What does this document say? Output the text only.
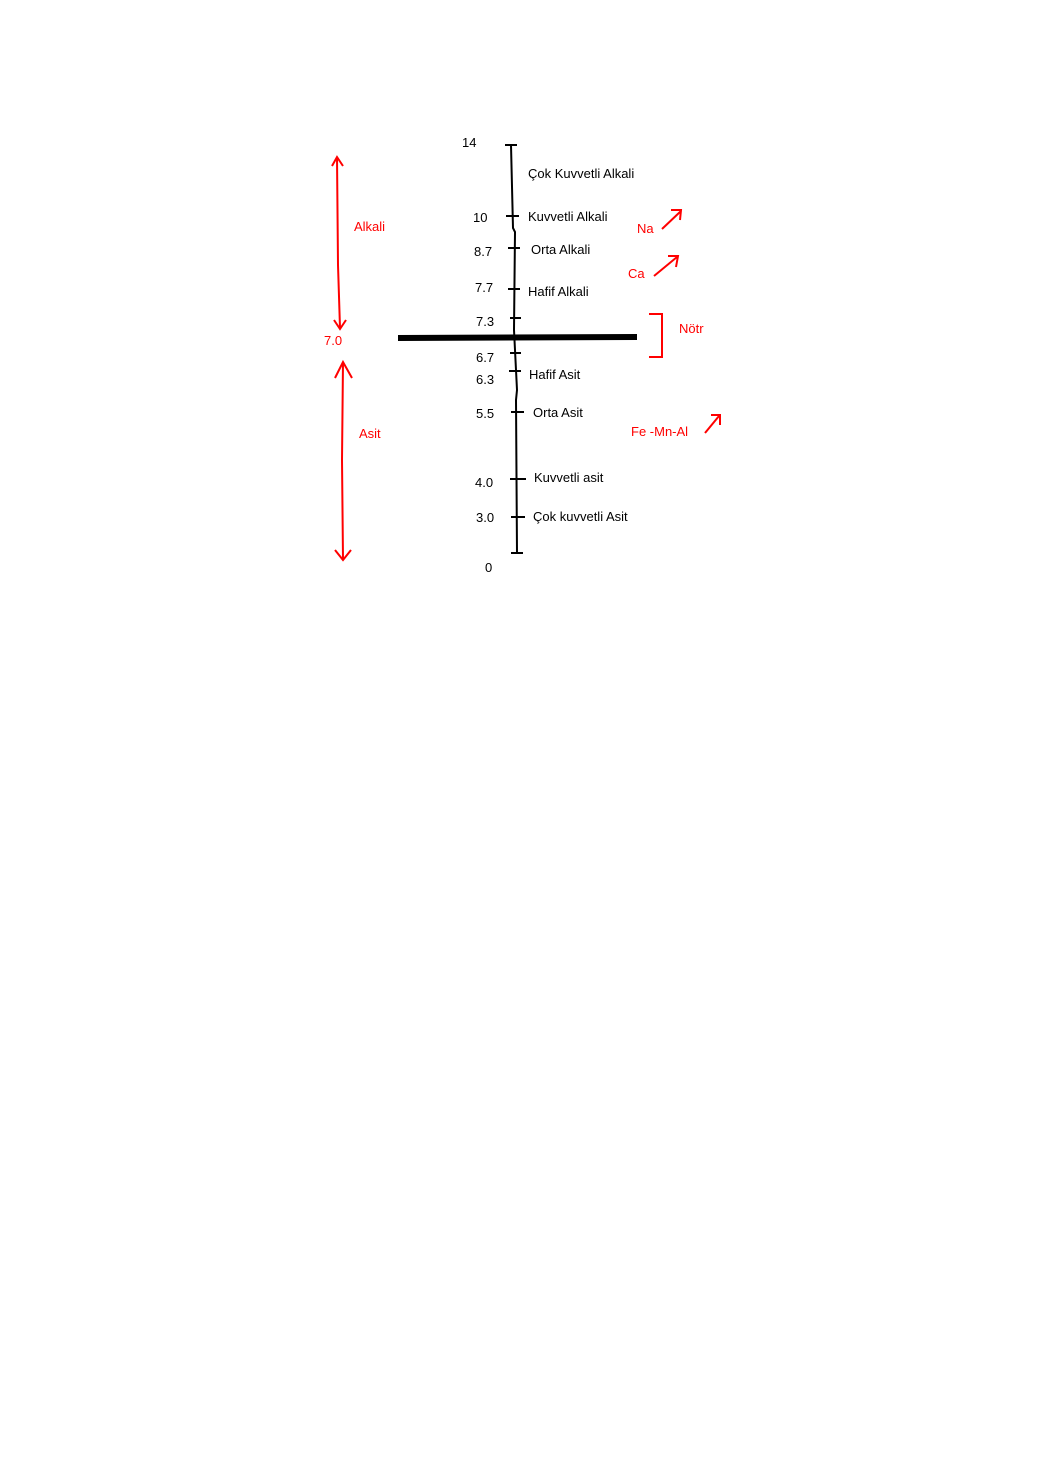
14
10
8.7
7.7
7.3
6.7
6.3
5.5
4.0
3.0
0
Çok Kuvvetli Alkali
Kuvvetli Alkali
Orta Alkali
Hafif Alkali
Hafif Asit
Orta Asit
Kuvvetli asit
Çok kuvvetli Asit
7.0
Alkali
Asit
Nötr
Na
Ca
Fe -Mn-Al
